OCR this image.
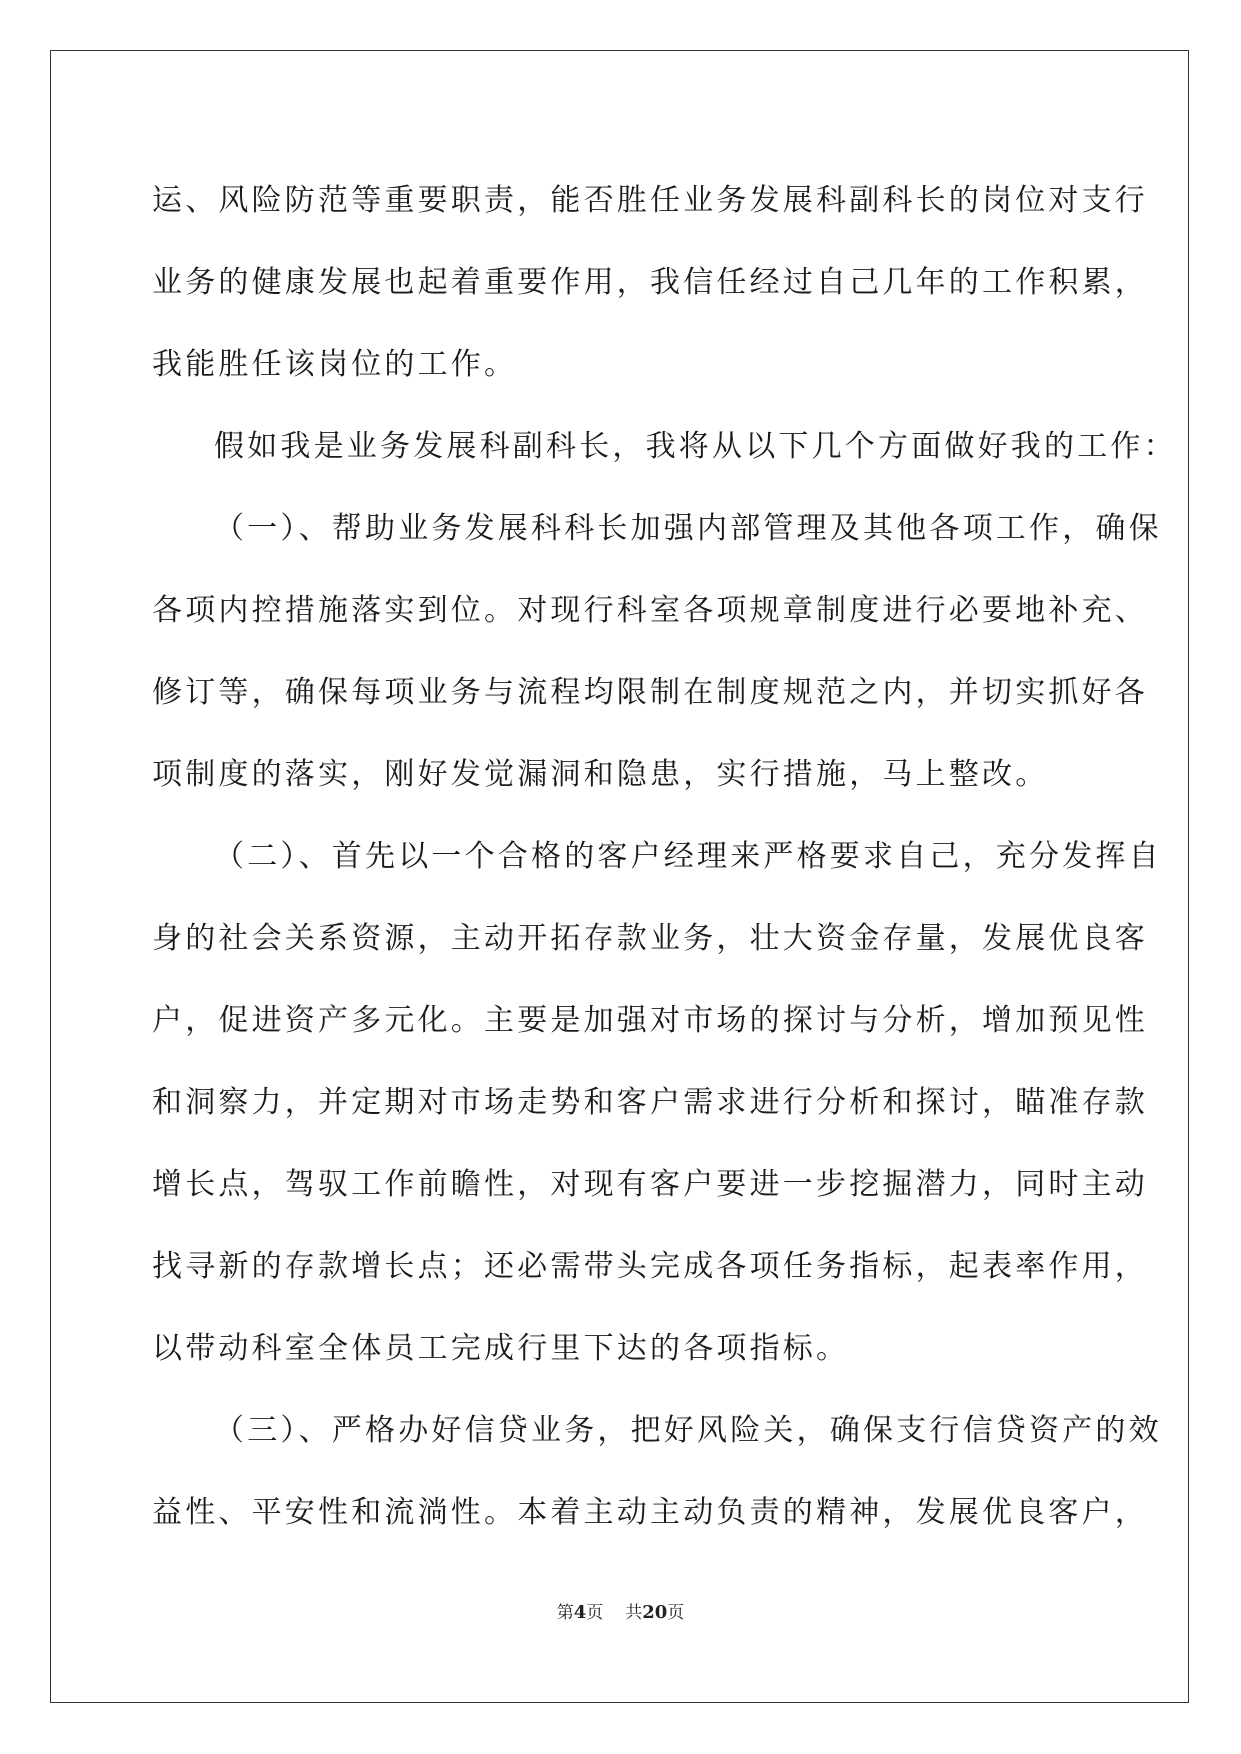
运、风险防范等重要职责，能否胜任业务发展科副科长的岗位对支行
业务的健康发展也起着重要作用，我信任经过自己几年的工作积累，
我能胜任该岗位的工作。
假如我是业务发展科副科长，我将从以下几个方面做好我的工作：
（一）、帮助业务发展科科长加强内部管理及其他各项工作，确保
各项内控措施落实到位。对现行科室各项规章制度进行必要地补充、
修订等，确保每项业务与流程均限制在制度规范之内，并切实抓好各
项制度的落实，刚好发觉漏洞和隐患，实行措施，马上整改。
（二）、首先以一个合格的客户经理来严格要求自己，充分发挥自
身的社会关系资源，主动开拓存款业务，壮大资金存量，发展优良客
户，促进资产多元化。主要是加强对市场的探讨与分析，增加预见性
和洞察力，并定期对市场走势和客户需求进行分析和探讨，瞄准存款
增长点，驾驭工作前瞻性，对现有客户要进一步挖掘潜力，同时主动
找寻新的存款增长点；还必需带头完成各项任务指标，起表率作用，
以带动科室全体员工完成行里下达的各项指标。
（三）、严格办好信贷业务，把好风险关，确保支行信贷资产的效
益性、平安性和流淌性。本着主动主动负责的精神，发展优良客户，
第4页 共20页
